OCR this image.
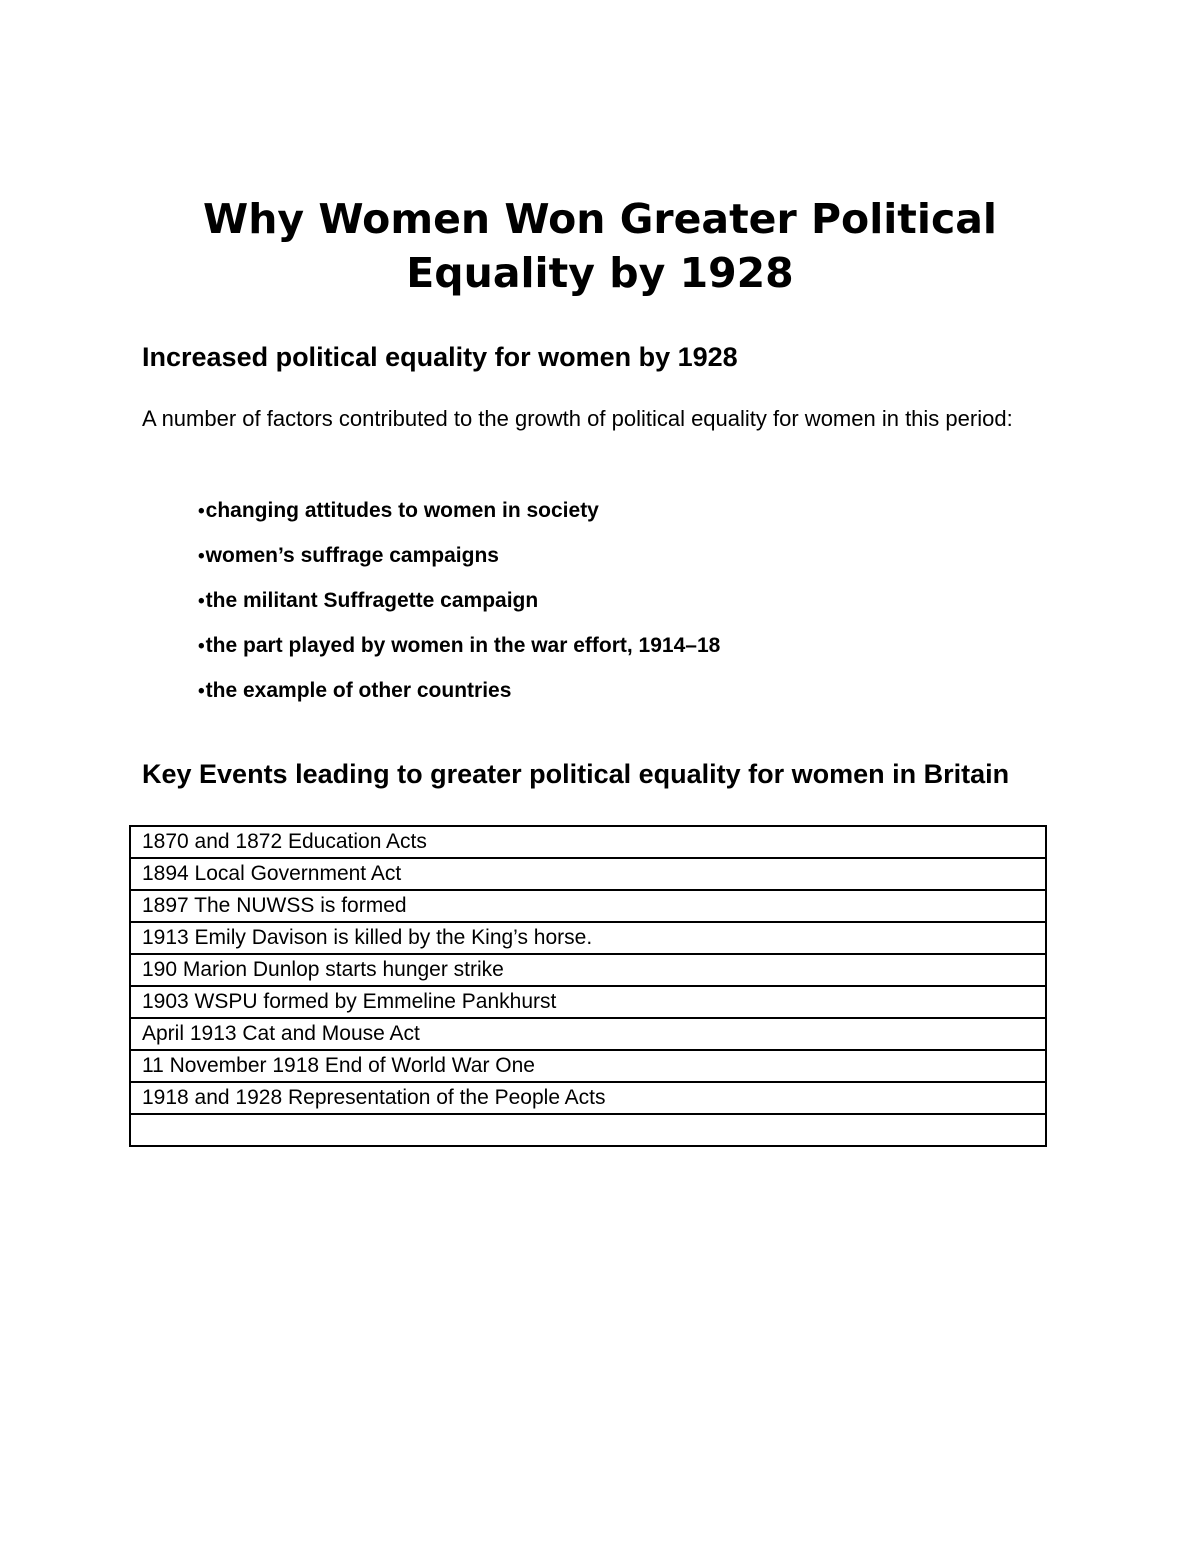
Why Women Won Greater Political
Equality by 1928
Increased political equality for women by 1928

A number of factors contributed to the growth of political equality for women in this period:

•changing attitudes to women in society
•women’s suffrage campaigns
•the militant Suffragette campaign
•the part played by women in the war effort, 1914–18
•the example of other countries
Key Events leading to greater political equality for women in Britain
1870 and 1872 Education Acts
1894 Local Government Act
1897 The NUWSS is formed
1913 Emily Davison is killed by the King’s horse.
190 Marion Dunlop starts hunger strike
1903 WSPU formed by Emmeline Pankhurst
April 1913 Cat and Mouse Act
11 November 1918 End of World War One
1918 and 1928 Representation of the People Acts
